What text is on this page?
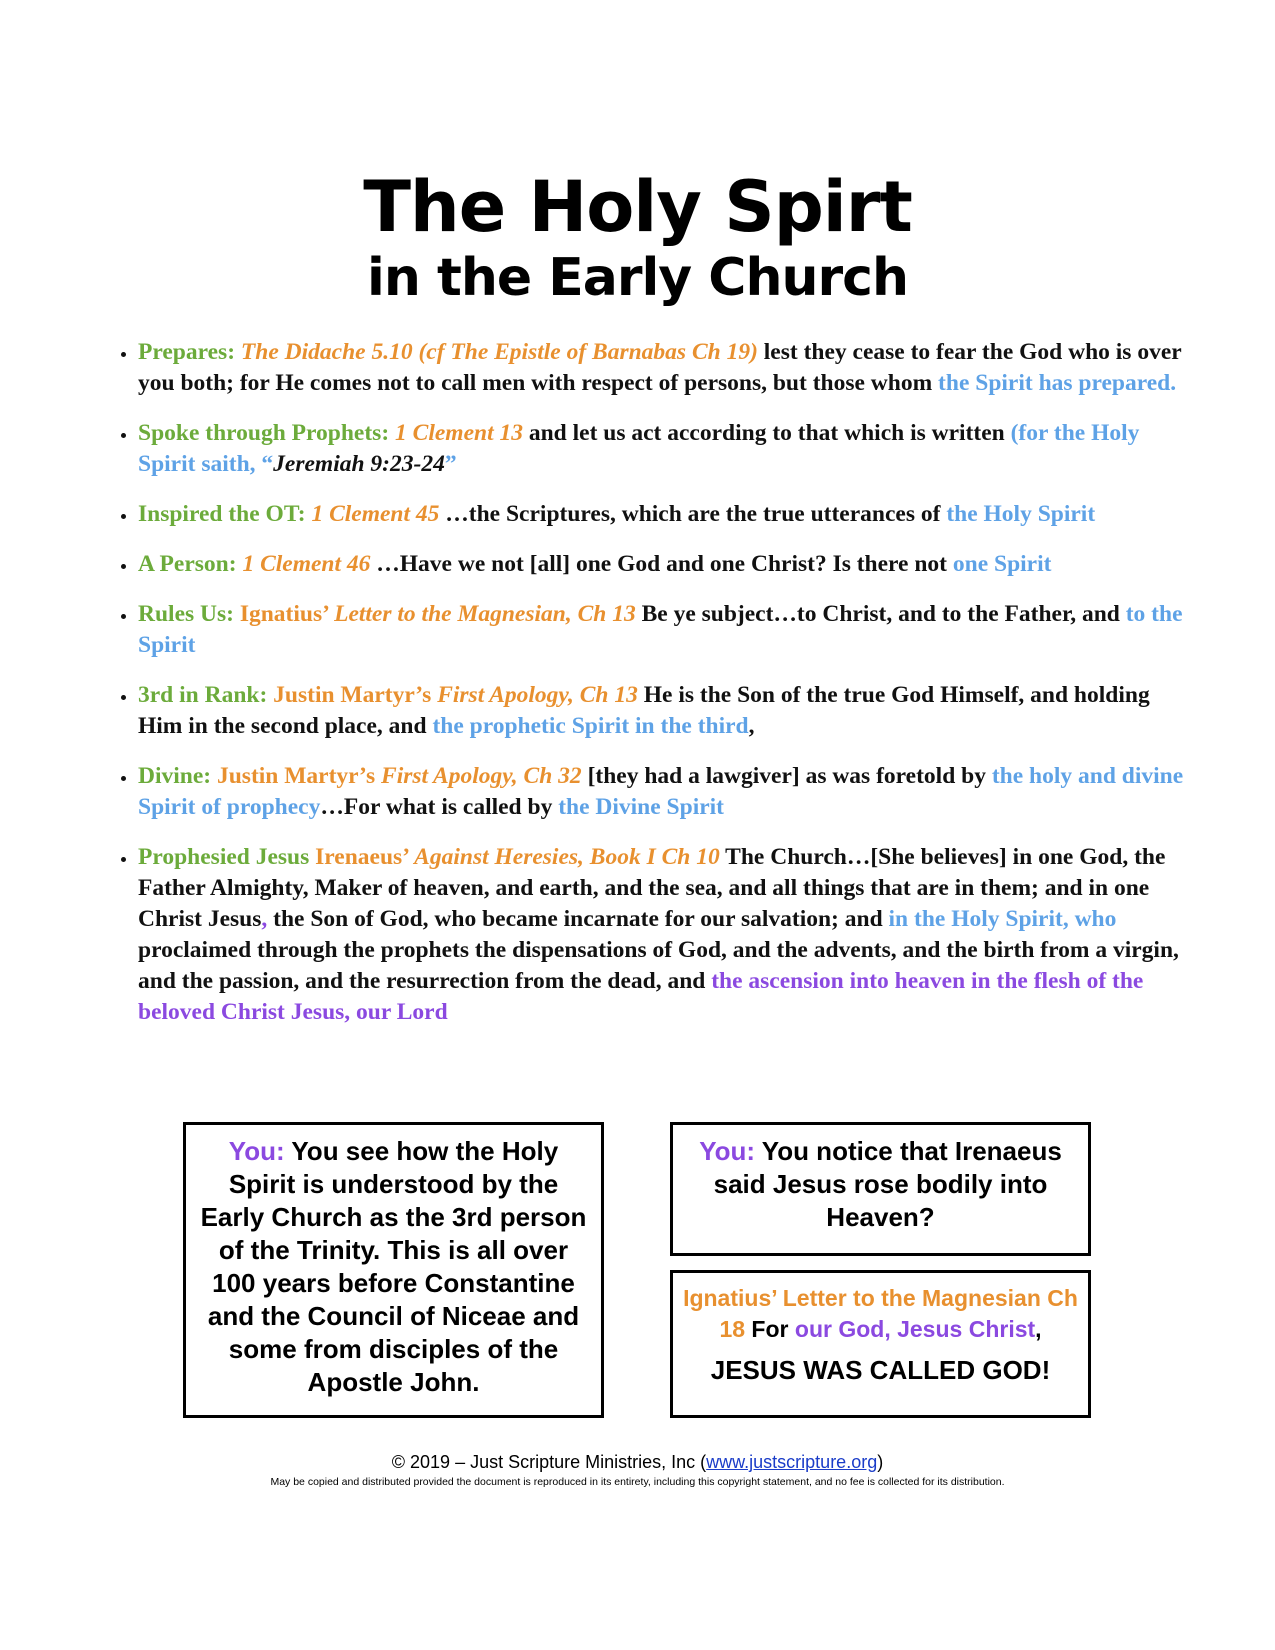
The Holy Spirt
in the Early Church
• Prepares: The Didache 5.10 (cf The Epistle of Barnabas Ch 19) lest they cease to fear the God who is over you both; for He comes not to call men with respect of persons, but those whom the Spirit has prepared.
• Spoke through Prophets: 1 Clement 13 and let us act according to that which is written (for the Holy Spirit saith, “Jeremiah 9:23-24”
• Inspired the OT: 1 Clement 45 …the Scriptures, which are the true utterances of the Holy Spirit
• A Person: 1 Clement 46 …Have we not [all] one God and one Christ? Is there not one Spirit
• Rules Us: Ignatius’ Letter to the Magnesian, Ch 13 Be ye subject…to Christ, and to the Father, and to the Spirit
• 3rd in Rank: Justin Martyr’s First Apology, Ch 13 He is the Son of the true God Himself, and holding Him in the second place, and the prophetic Spirit in the third,
• Divine: Justin Martyr’s First Apology, Ch 32 [they had a lawgiver] as was foretold by the holy and divine Spirit of prophecy…For what is called by the Divine Spirit
• Prophesied Jesus Irenaeus’ Against Heresies, Book I Ch 10 The Church…[She believes] in one God, the Father Almighty, Maker of heaven, and earth, and the sea, and all things that are in them; and in one Christ Jesus, the Son of God, who became incarnate for our salvation; and in the Holy Spirit, who proclaimed through the prophets the dispensations of God, and the advents, and the birth from a virgin, and the passion, and the resurrection from the dead, and the ascension into heaven in the flesh of the beloved Christ Jesus, our Lord
You: You see how the Holy Spirit is understood by the Early Church as the 3rd person of the Trinity. This is all over 100 years before Constantine and the Council of Niceae and some from disciples of the Apostle John.
You: You notice that Irenaeus said Jesus rose bodily into Heaven?
Ignatius’ Letter to the Magnesian Ch 18 For our God, Jesus Christ,
JESUS WAS CALLED GOD!
© 2019 – Just Scripture Ministries, Inc (www.justscripture.org)
May be copied and distributed provided the document is reproduced in its entirety, including this copyright statement, and no fee is collected for its distribution.
